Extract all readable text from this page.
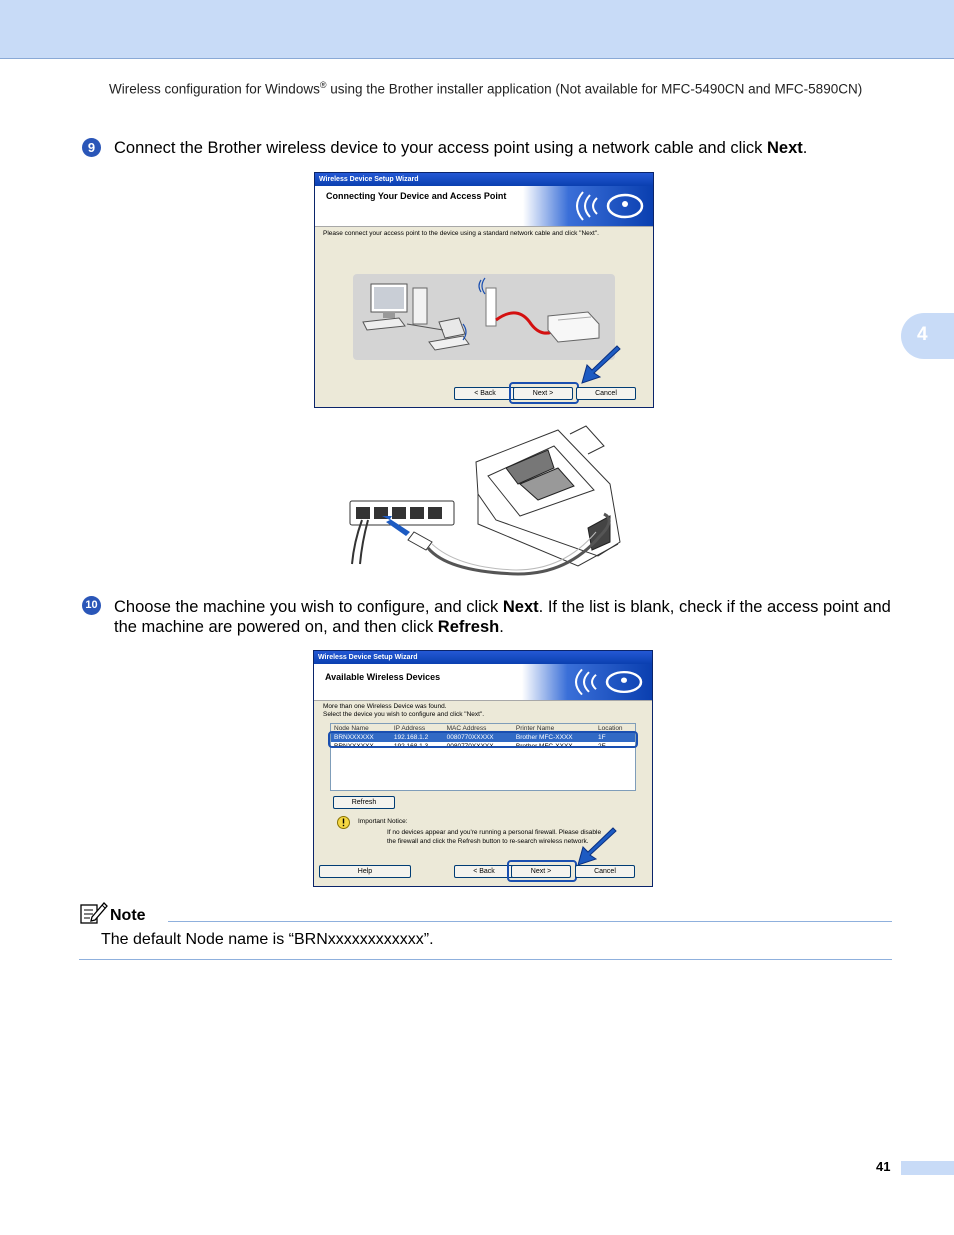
Wireless configuration for Windows® using the Brother installer application (Not available for MFC-5490CN and MFC-5890CN)
4
9	Connect the Brother wireless device to your access point using a network cable and click Next.
Wireless Device Setup Wizard
Connecting Your Device and Access Point
Please connect your access point to the device using a standard network cable and click "Next".
< Back	Next >	Cancel
10 Choose the machine you wish to configure, and click Next. If the list is blank, check if the access point and the machine are powered on, and then click Refresh.
Wireless Device Setup Wizard
Available Wireless Devices
More than one Wireless Device was found.
Select the device you wish to configure and click "Next".
Node Name	IP Address	MAC Address	Printer Name	Location
BRNXXXXXX	192.168.1.2	0080770XXXXX	Brother MFC-XXXX	1F
BRNXXXXXX	192.168.1.3	0080770XXXXX	Brother MFC-XXXX	2F
Refresh
Important Notice:
If no devices appear and you're running a personal firewall. Please disable the firewall and click the Refresh button to re-search wireless network.
Help	< Back	Next >	Cancel
Note
The default Node name is “BRNxxxxxxxxxxxx”.
41
